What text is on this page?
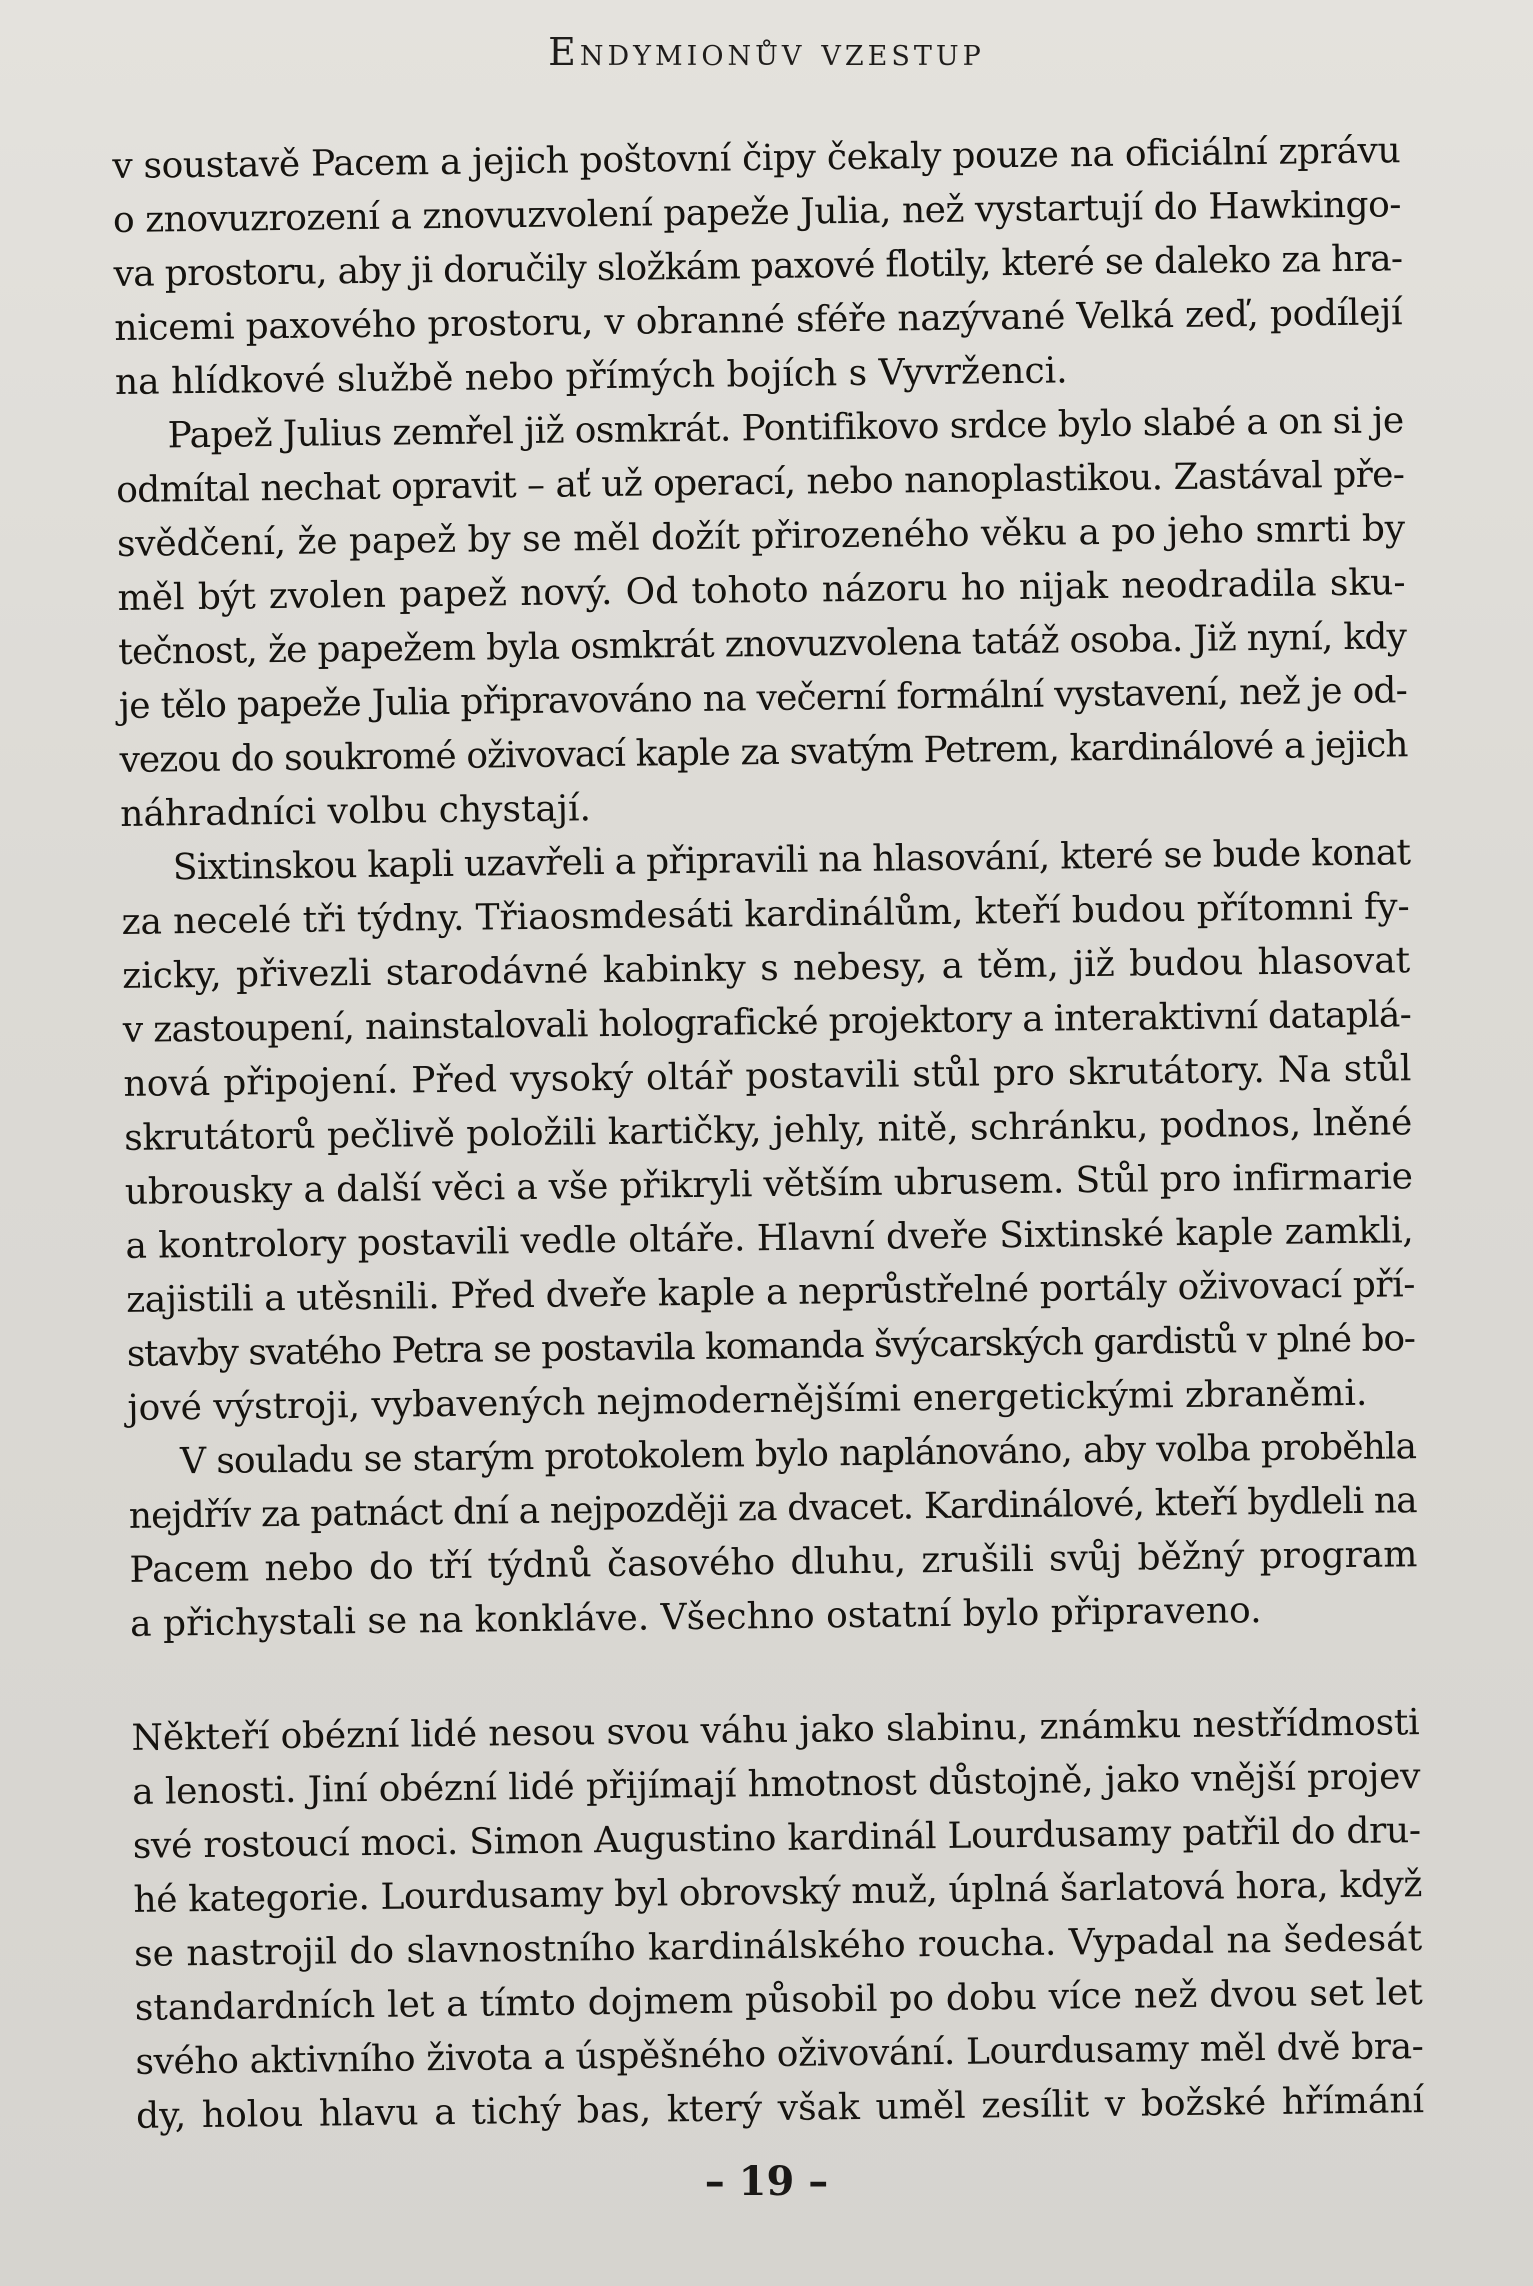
Endymionův vzestup
v soustavě Pacem a jejich poštovní čipy čekaly pouze na oficiální zprávu
o znovuzrození a znovuzvolení papeže Julia, než vystartují do Hawkingo-
va prostoru, aby ji doručily složkám paxové flotily, které se daleko za hra-
nicemi paxového prostoru, v obranné sféře nazývané Velká zeď, podílejí
na hlídkové službě nebo přímých bojích s Vyvrženci.
Papež Julius zemřel již osmkrát. Pontifikovo srdce bylo slabé a on si je
odmítal nechat opravit – ať už operací, nebo nanoplastikou. Zastával pře-
svědčení, že papež by se měl dožít přirozeného věku a po jeho smrti by
měl být zvolen papež nový. Od tohoto názoru ho nijak neodradila sku-
tečnost, že papežem byla osmkrát znovuzvolena tatáž osoba. Již nyní, kdy
je tělo papeže Julia připravováno na večerní formální vystavení, než je od-
vezou do soukromé oživovací kaple za svatým Petrem, kardinálové a jejich
náhradníci volbu chystají.
Sixtinskou kapli uzavřeli a připravili na hlasování, které se bude konat
za necelé tři týdny. Třiaosmdesáti kardinálům, kteří budou přítomni fy-
zicky, přivezli starodávné kabinky s nebesy, a těm, již budou hlasovat
v zastoupení, nainstalovali holografické projektory a interaktivní dataplá-
nová připojení. Před vysoký oltář postavili stůl pro skrutátory. Na stůl
skrutátorů pečlivě položili kartičky, jehly, nitě, schránku, podnos, lněné
ubrousky a další věci a vše přikryli větším ubrusem. Stůl pro infirmarie
a kontrolory postavili vedle oltáře. Hlavní dveře Sixtinské kaple zamkli,
zajistili a utěsnili. Před dveře kaple a neprůstřelné portály oživovací pří-
stavby svatého Petra se postavila komanda švýcarských gardistů v plné bo-
jové výstroji, vybavených nejmodernějšími energetickými zbraněmi.
V souladu se starým protokolem bylo naplánováno, aby volba proběhla
nejdřív za patnáct dní a nejpozději za dvacet. Kardinálové, kteří bydleli na
Pacem nebo do tří týdnů časového dluhu, zrušili svůj běžný program
a přichystali se na konkláve. Všechno ostatní bylo připraveno.
Někteří obézní lidé nesou svou váhu jako slabinu, známku nestřídmosti
a lenosti. Jiní obézní lidé přijímají hmotnost důstojně, jako vnější projev
své rostoucí moci. Simon Augustino kardinál Lourdusamy patřil do dru-
hé kategorie. Lourdusamy byl obrovský muž, úplná šarlatová hora, když
se nastrojil do slavnostního kardinálského roucha. Vypadal na šedesát
standardních let a tímto dojmem působil po dobu více než dvou set let
svého aktivního života a úspěšného oživování. Lourdusamy měl dvě bra-
dy, holou hlavu a tichý bas, který však uměl zesílit v božské hřímání
– 19 –
